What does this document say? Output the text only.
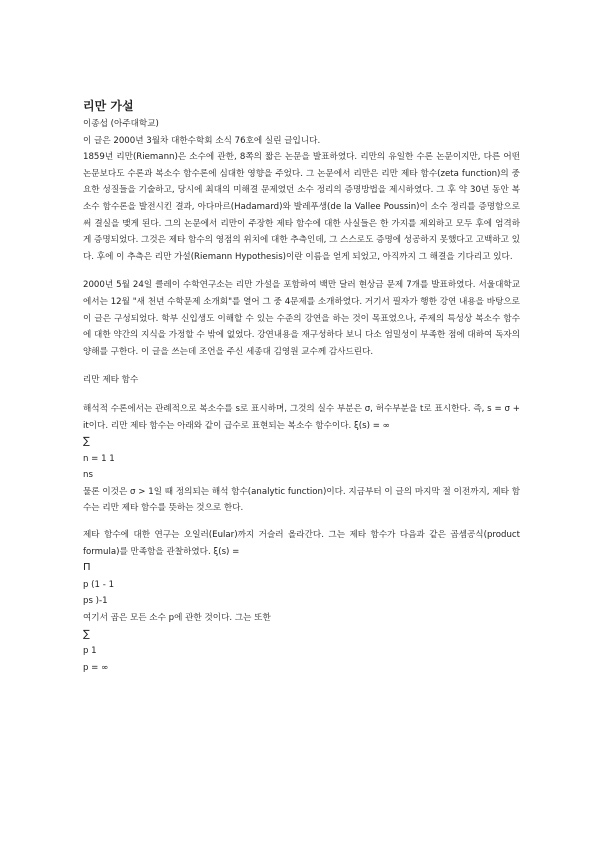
리만 가설
이종섭 (아주대학교)
이 글은 2000년 3월차 대한수학회 소식 76호에 실린 글입니다.
1859년 리만(Riemann)은 소수에 관한, 8쪽의 짧은 논문을 발표하였다. 리만의 유일한 수론 논문이지만, 다른 어떤 논문보다도 수론과 복소수 함수론에 심대한 영향을 주었다. 그 논문에서 리만은 리만 제타 함수(zeta function)의 중요한 성질들을 기술하고, 당시에 최대의 미해결 문제였던 소수 정리의 증명방법을 제시하였다. 그 후 약 30년 동안 복소수 함수론을 발전시킨 결과, 아다마르(Hadamard)와 발레푸생(de la Vallee Poussin)이 소수 정리를 증명함으로써 결실을 맺게 된다. 그의 논문에서 리만이 주장한 제타 함수에 대한 사실들은 한 가지를 제외하고 모두 후에 엄격하게 증명되었다. 그것은 제타 함수의 영점의 위치에 대한 추측인데, 그 스스로도 증명에 성공하지 못했다고 고백하고 있다. 후에 이 추측은 리만 가설(Riemann Hypothesis)이란 이름을 얻게 되었고, 아직까지 그 해결을 기다리고 있다.
2000년 5월 24일 클레이 수학연구소는 리만 가설을 포함하여 백만 달러 현상금 문제 7개를 발표하였다. 서울대학교에서는 12월 "새 천년 수학문제 소개회"를 열어 그 중 4문제를 소개하였다. 거기서 필자가 행한 강연 내용을 바탕으로 이 글은 구성되었다. 학부 신입생도 이해할 수 있는 수준의 강연을 하는 것이 목표였으나, 주제의 특성상 복소수 함수에 대한 약간의 지식을 가정할 수 밖에 없었다. 강연내용을 재구성하다 보니 다소 엄밀성이 부족한 점에 대하여 독자의 양해를 구한다. 이 글을 쓰는데 조언을 주신 세종대 김영원 교수께 감사드린다.
리만 제타 함수
해석적 수론에서는 관례적으로 복소수를 s로 표시하며, 그것의 실수 부분은 σ, 허수부분을 t로 표시한다. 즉, s = σ + it이다. 리만 제타 함수는 아래와 같이 급수로 표현되는 복소수 함수이다. ξ(s) = ∞
∑
n = 1 1
ns
물론 이것은 σ > 1일 때 정의되는 해석 함수(analytic function)이다. 지금부터 이 글의 마지막 절 이전까지, 제타 함수는 리만 제타 함수를 뜻하는 것으로 한다.
제타 함수에 대한 연구는 오일러(Eular)까지 거슬러 올라간다. 그는 제타 함수가 다음과 같은 곱셈공식(product formula)를 만족함을 관찰하였다. ξ(s) =
Π
p (1 - 1
ps )-1
여기서 곱은 모든 소수 p에 관한 것이다. 그는 또한
∑
p 1
p = ∞
